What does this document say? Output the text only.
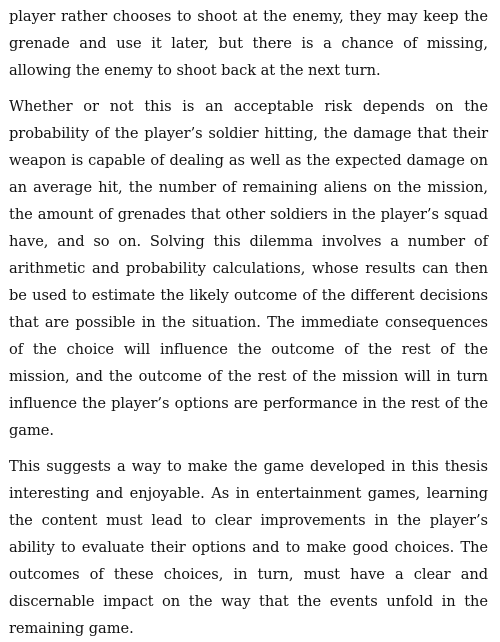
player rather chooses to shoot at the enemy, they may keep the grenade and use it later, but there is a chance of missing, allowing the enemy to shoot back at the next turn.

Whether or not this is an acceptable risk depends on the probability of the player’s soldier hitting, the damage that their weapon is capable of dealing as well as the expected damage on an average hit, the number of remaining aliens on the mission, the amount of grenades that other soldiers in the player’s squad have, and so on. Solving this dilemma involves a number of arithmetic and probability calculations, whose results can then be used to estimate the likely outcome of the different decisions that are possible in the situation. The immediate consequences of the choice will influence the outcome of the rest of the mission, and the outcome of the rest of the mission will in turn influence the player’s options are performance in the rest of the game.

This suggests a way to make the game developed in this thesis interesting and enjoyable. As in entertainment games, learning the content must lead to clear improvements in the player’s ability to evaluate their options and to make good choices. The outcomes of these choices, in turn, must have a clear and discernable impact on the way that the events unfold in the remaining game.
